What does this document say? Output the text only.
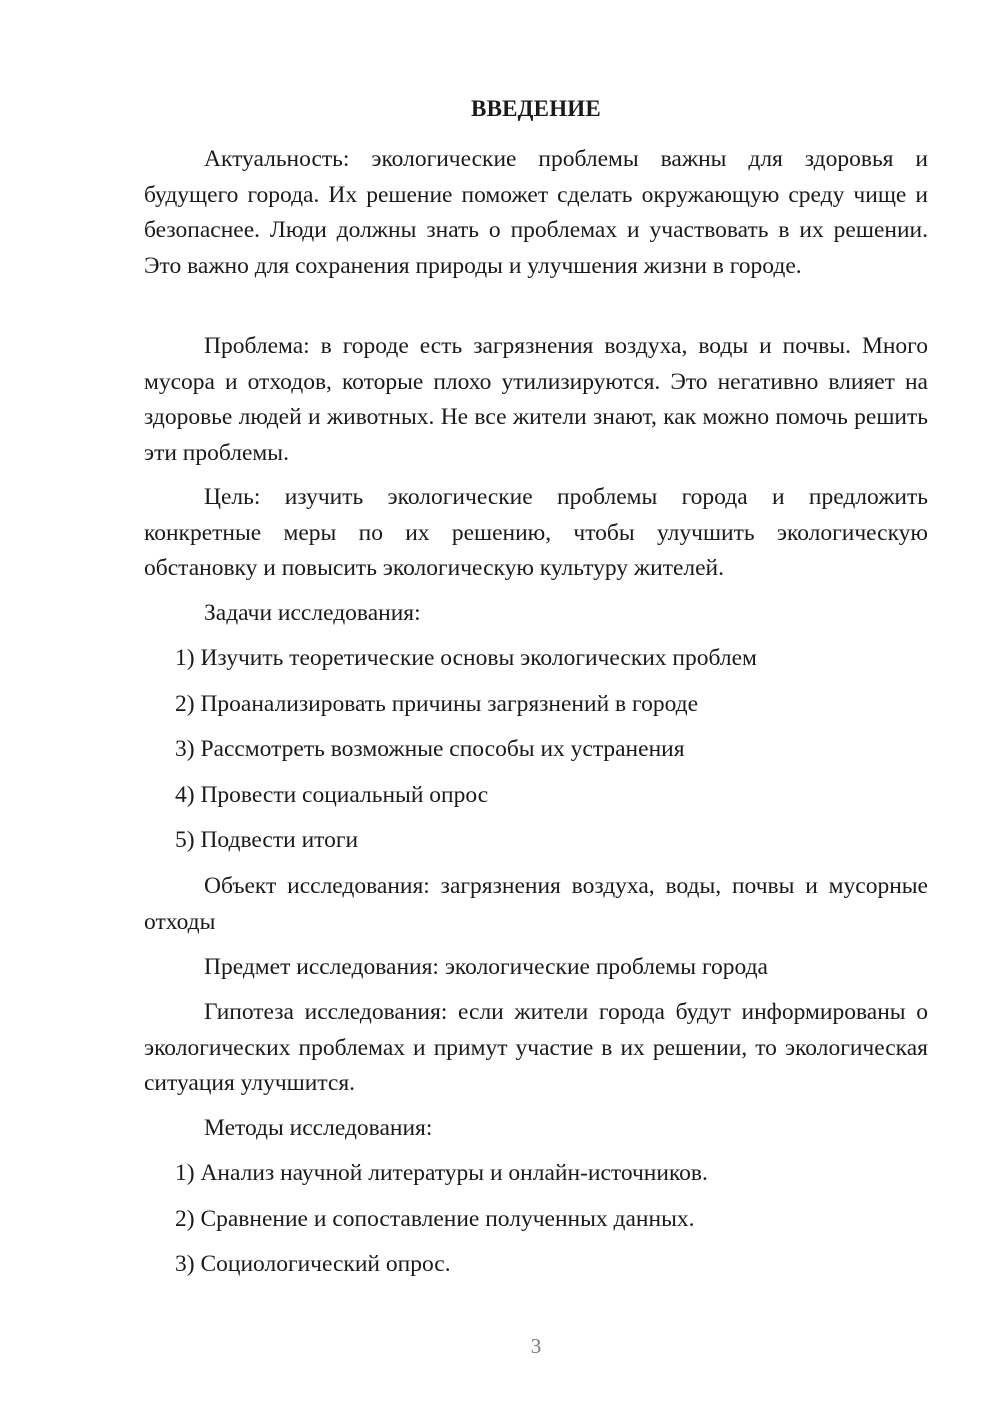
ВВЕДЕНИЕ
Актуальность: экологические проблемы важны для здоровья и будущего города. Их решение поможет сделать окружающую среду чище и безопаснее. Люди должны знать о проблемах и участвовать в их решении. Это важно для сохранения природы и улучшения жизни в городе.
Проблема: в городе есть загрязнения воздуха, воды и почвы. Много мусора и отходов, которые плохо утилизируются. Это негативно влияет на здоровье людей и животных. Не все жители знают, как можно помочь решить эти проблемы.
Цель: изучить экологические проблемы города и предложить конкретные меры по их решению, чтобы улучшить экологическую обстановку и повысить экологическую культуру жителей.
Задачи исследования:
1) Изучить теоретические основы экологических проблем
2) Проанализировать причины загрязнений в городе
3) Рассмотреть возможные способы их устранения
4) Провести социальный опрос
5) Подвести итоги
Объект исследования: загрязнения воздуха, воды, почвы и мусорные отходы
Предмет исследования: экологические проблемы города
Гипотеза исследования: если жители города будут информированы о экологических проблемах и примут участие в их решении, то экологическая ситуация улучшится.
Методы исследования:
1) Анализ научной литературы и онлайн-источников.
2) Сравнение и сопоставление полученных данных.
3) Социологический опрос.
3
